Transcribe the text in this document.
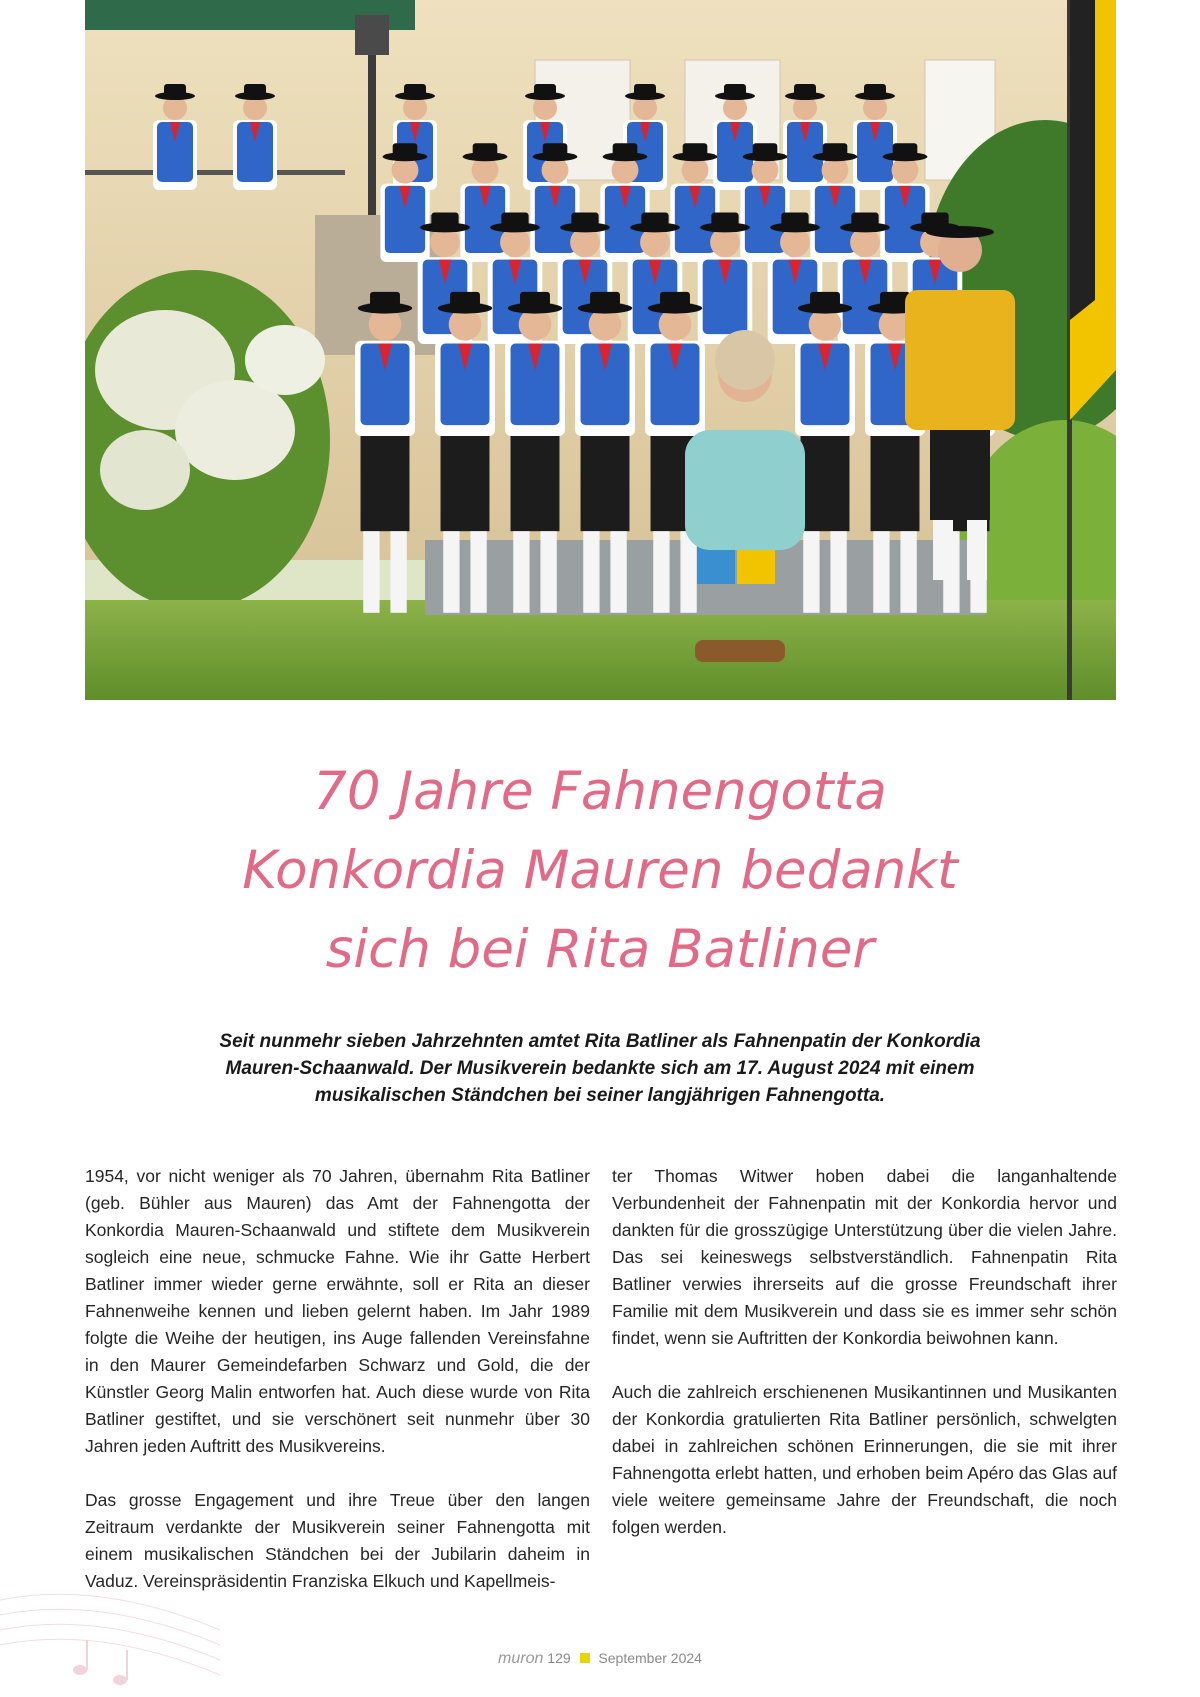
70 Jahre Fahnengotta
Konkordia Mauren bedankt
sich bei Rita Batliner

Seit nunmehr sieben Jahrzehnten amtet Rita Batliner als Fahnenpatin der Konkordia Mauren-Schaanwald. Der Musikverein bedankte sich am 17. August 2024 mit einem musikalischen Ständchen bei seiner langjährigen Fahnengotta.

1954, vor nicht weniger als 70 Jahren, übernahm Rita Batliner (geb. Bühler aus Mauren) das Amt der Fahnengotta der Konkordia Mauren-Schaanwald und stiftete dem Musikverein sogleich eine neue, schmucke Fahne. Wie ihr Gatte Herbert Batliner immer wieder gerne erwähnte, soll er Rita an dieser Fahnenweihe kennen und lieben gelernt haben. Im Jahr 1989 folgte die Weihe der heutigen, ins Auge fallenden Vereinsfahne in den Maurer Gemeindefarben Schwarz und Gold, die der Künstler Georg Malin entworfen hat. Auch diese wurde von Rita Batliner gestiftet, und sie verschönert seit nunmehr über 30 Jahren jeden Auftritt des Musikvereins.

Das grosse Engagement und ihre Treue über den langen Zeitraum verdankte der Musikverein seiner Fahnengotta mit einem musikalischen Ständchen bei der Jubilarin daheim in Vaduz. Vereinspräsidentin Franziska Elkuch und Kapellmeis-

ter Thomas Witwer hoben dabei die langanhaltende Verbundenheit der Fahnenpatin mit der Konkordia hervor und dankten für die grosszügige Unterstützung über die vielen Jahre. Das sei keineswegs selbstverständlich. Fahnenpatin Rita Batliner verwies ihrerseits auf die grosse Freundschaft ihrer Familie mit dem Musikverein und dass sie es immer sehr schön findet, wenn sie Auftritten der Konkordia beiwohnen kann.

Auch die zahlreich erschienenen Musikantinnen und Musikanten der Konkordia gratulierten Rita Batliner persönlich, schwelgten dabei in zahlreichen schönen Erinnerungen, die sie mit ihrer Fahnengotta erlebt hatten, und erhoben beim Apéro das Glas auf viele weitere gemeinsame Jahre der Freundschaft, die noch folgen werden.

muron 129 September 2024
